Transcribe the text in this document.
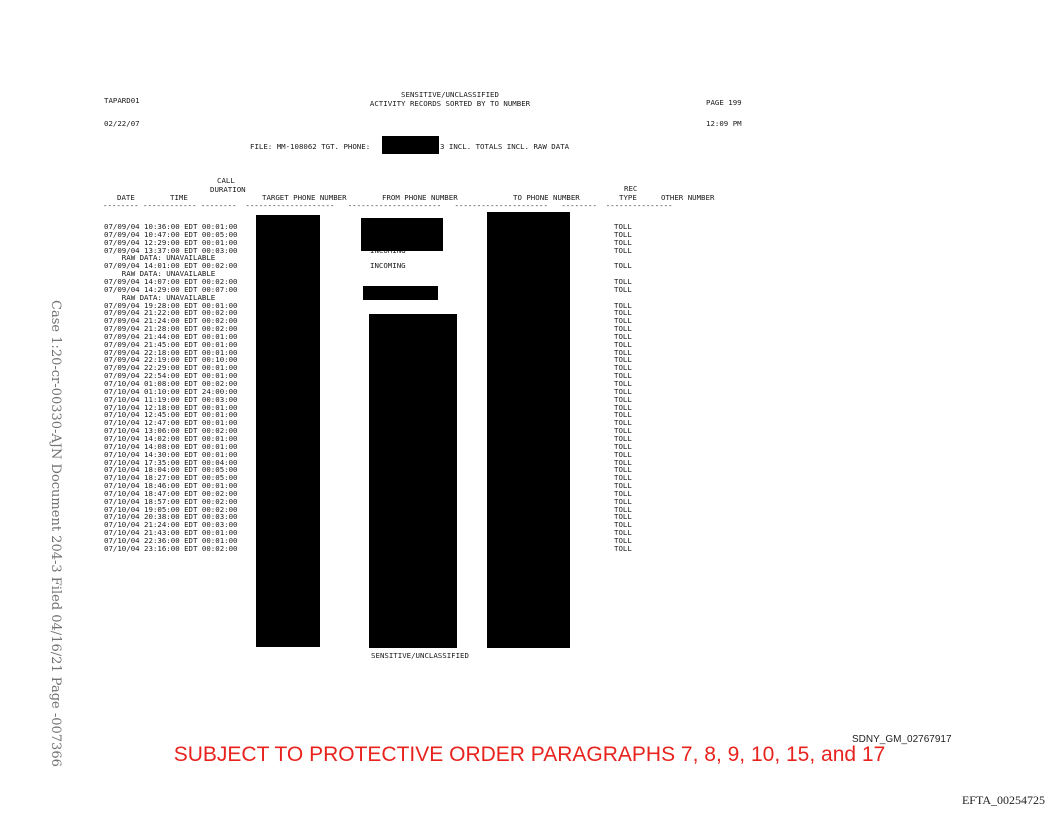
TAPARD01
SENSITIVE/UNCLASSIFIED
ACTIVITY RECORDS SORTED BY TO NUMBER	PAGE 199
02/22/07	12:09 PM
FILE: MM-108062 TGT. PHONE:	3 INCL. TOTALS INCL. RAW DATA
CALL
DURATION	REC
DATE	TIME	TARGET PHONE NUMBER	FROM PHONE NUMBER	TO PHONE NUMBER	TYPE	OTHER NUMBER
-------- ------------ --------  --------------------   ---------------------   ---------------------   --------  ---------------
07/09/04 10:36:00 EDT 00:01:00	TOLL
07/09/04 10:47:00 EDT 00:05:00	TOLL
07/09/04 12:29:00 EDT 00:01:00	TOLL
07/09/04 13:37:00 EDT 00:03:00	TOLL
RAW DATA: UNAVAILABLE
07/09/04 14:01:00 EDT 00:02:00	INCOMING	TOLL
RAW DATA: UNAVAILABLE
07/09/04 14:07:00 EDT 00:02:00	TOLL
07/09/04 14:29:00 EDT 00:07:00	TOLL
RAW DATA: UNAVAILABLE
07/09/04 19:28:00 EDT 00:01:00	TOLL
07/09/04 21:22:00 EDT 00:02:00	TOLL
07/09/04 21:24:00 EDT 00:02:00	TOLL
07/09/04 21:28:00 EDT 00:02:00	TOLL
07/09/04 21:44:00 EDT 00:01:00	TOLL
07/09/04 21:45:00 EDT 00:01:00	TOLL
07/09/04 22:18:00 EDT 00:01:00	TOLL
07/09/04 22:19:00 EDT 00:10:00	TOLL
07/09/04 22:29:00 EDT 00:01:00	TOLL
07/09/04 22:54:00 EDT 00:01:00	TOLL
07/10/04 01:08:00 EDT 00:02:00	TOLL
07/10/04 01:10:00 EDT 24:00:00	TOLL
07/10/04 11:19:00 EDT 00:03:00	TOLL
07/10/04 12:18:00 EDT 00:01:00	TOLL
07/10/04 12:45:00 EDT 00:01:00	TOLL
07/10/04 12:47:00 EDT 00:01:00	TOLL
07/10/04 13:06:00 EDT 00:02:00	TOLL
07/10/04 14:02:00 EDT 00:01:00	TOLL
07/10/04 14:08:00 EDT 00:01:00	TOLL
07/10/04 14:30:00 EDT 00:01:00	TOLL
07/10/04 17:35:00 EDT 00:04:00	TOLL
07/10/04 18:04:00 EDT 00:05:00	TOLL
07/10/04 18:27:00 EDT 00:05:00	TOLL
07/10/04 18:46:00 EDT 00:01:00	TOLL
07/10/04 18:47:00 EDT 00:02:00	TOLL
07/10/04 18:57:00 EDT 00:02:00	TOLL
07/10/04 19:05:00 EDT 00:02:00	TOLL
07/10/04 20:38:00 EDT 00:03:00	TOLL
07/10/04 21:24:00 EDT 00:03:00	TOLL
07/10/04 21:43:00 EDT 00:01:00	TOLL
07/10/04 22:36:00 EDT 00:01:00	TOLL
07/10/04 23:16:00 EDT 00:02:00	TOLL
SENSITIVE/UNCLASSIFIED
Case 1:20-cr-00330-AJN Document 204-3 Filed 04/16/21 Page -007366	SDNY_GM_02767917
SUBJECT TO PROTECTIVE ORDER PARAGRAPHS 7, 8, 9, 10, 15, and 17
EFTA_00254725
